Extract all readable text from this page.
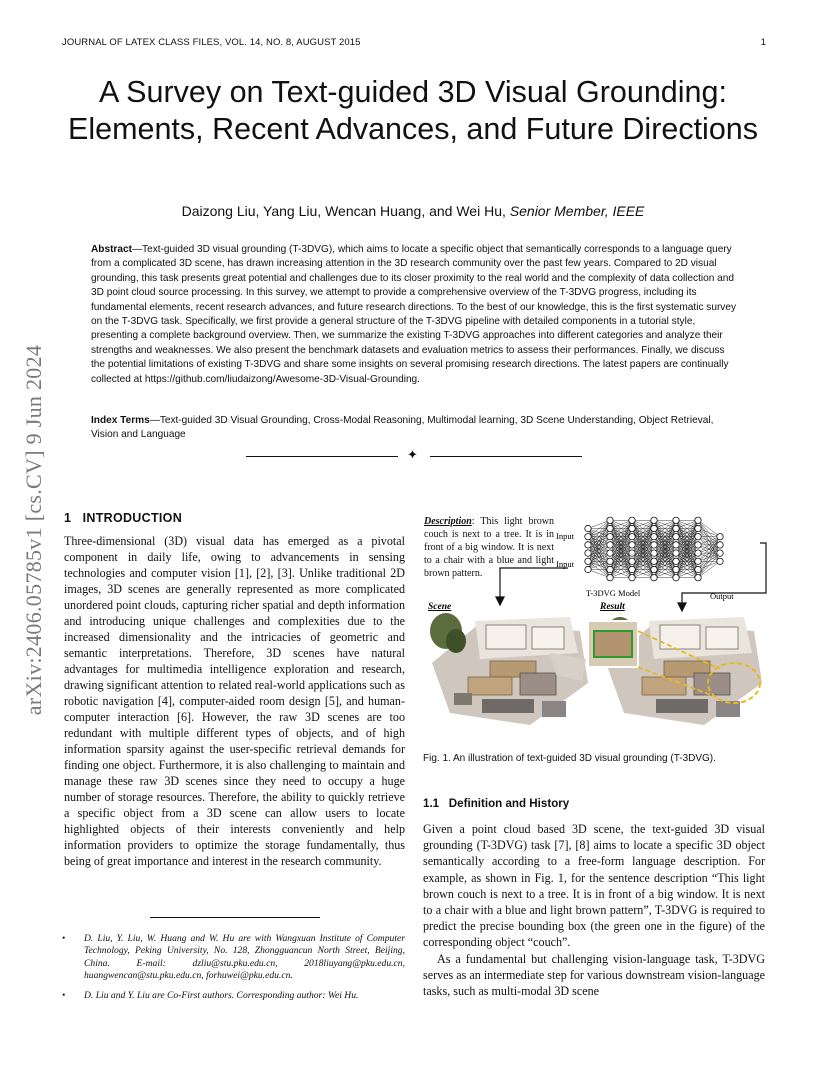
JOURNAL OF LATEX CLASS FILES, VOL. 14, NO. 8, AUGUST 2015	1
arXiv:2406.05785v1 [cs.CV] 9 Jun 2024
A Survey on Text-guided 3D Visual Grounding: Elements, Recent Advances, and Future Directions
Daizong Liu, Yang Liu, Wencan Huang, and Wei Hu, Senior Member, IEEE
Abstract—Text-guided 3D visual grounding (T-3DVG), which aims to locate a specific object that semantically corresponds to a language query from a complicated 3D scene, has drawn increasing attention in the 3D research community over the past few years. Compared to 2D visual grounding, this task presents great potential and challenges due to its closer proximity to the real world and the complexity of data collection and 3D point cloud source processing. In this survey, we attempt to provide a comprehensive overview of the T-3DVG progress, including its fundamental elements, recent research advances, and future research directions. To the best of our knowledge, this is the first systematic survey on the T-3DVG task. Specifically, we first provide a general structure of the T-3DVG pipeline with detailed components in a tutorial style, presenting a complete background overview. Then, we summarize the existing T-3DVG approaches into different categories and analyze their strengths and weaknesses. We also present the benchmark datasets and evaluation metrics to assess their performances. Finally, we discuss the potential limitations of existing T-3DVG and share some insights on several promising research directions. The latest papers are continually collected at https://github.com/liudaizong/Awesome-3D-Visual-Grounding.
Index Terms—Text-guided 3D Visual Grounding, Cross-Modal Reasoning, Multimodal learning, 3D Scene Understanding, Object Retrieval, Vision and Language
✦
1 INTRODUCTION
Three-dimensional (3D) visual data has emerged as a pivotal component in daily life, owing to advancements in sensing technologies and computer vision [1], [2], [3]. Unlike traditional 2D images, 3D scenes are generally represented as more complicated unordered point clouds, capturing richer spatial and depth information and introducing unique challenges and complexities due to the increased dimensionality and the intricacies of geometric and semantic interpretations. Therefore, 3D scenes have natural advantages for multimedia intelligence exploration and research, drawing significant attention to related real-world applications such as robotic navigation [4], computer-aided room design [5], and human-computer interaction [6]. However, the raw 3D scenes are too redundant with multiple different types of objects, and of high information sparsity against the user-specific retrieval demands for finding one object. Furthermore, it is also challenging to maintain and manage these raw 3D scenes since they need to occupy a huge number of storage resources. Therefore, the ability to quickly retrieve a specific object from a 3D scene can allow users to locate highlighted objects of their interests conveniently and help information providers to optimize the storage fundamentally, thus being of great importance and interest in the research community.
• D. Liu, Y. Liu, W. Huang and W. Hu are with Wangxuan Institute of Computer Technology, Peking University, No. 128, Zhongguancun North Street, Beijing, China. E-mail: dzliu@stu.pku.edu.cn, 2018liuyang@pku.edu.cn, huangwencan@stu.pku.edu.cn, forhuwei@pku.edu.cn.
• D. Liu and Y. Liu are Co-First authors. Corresponding author: Wei Hu.
Description: This light brown couch is next to a tree. It is in front of a big window. It is next to a chair with a blue and light brown pattern.
Input
Input
T-3DVG Model	Output
Scene	Result
Fig. 1. An illustration of text-guided 3D visual grounding (T-3DVG).
1.1 Definition and History

Given a point cloud based 3D scene, the text-guided 3D visual grounding (T-3DVG) task [7], [8] aims to locate a specific 3D object semantically according to a free-form language description. For example, as shown in Fig. 1, for the sentence description “This light brown couch is next to a tree. It is in front of a big window. It is next to a chair with a blue and light brown pattern”, T-3DVG is required to predict the precise bounding box (the green one in the figure) of the corresponding object “couch”.

As a fundamental but challenging vision-language task, T-3DVG serves as an intermediate step for various downstream vision-language tasks, such as multi-modal 3D scene
